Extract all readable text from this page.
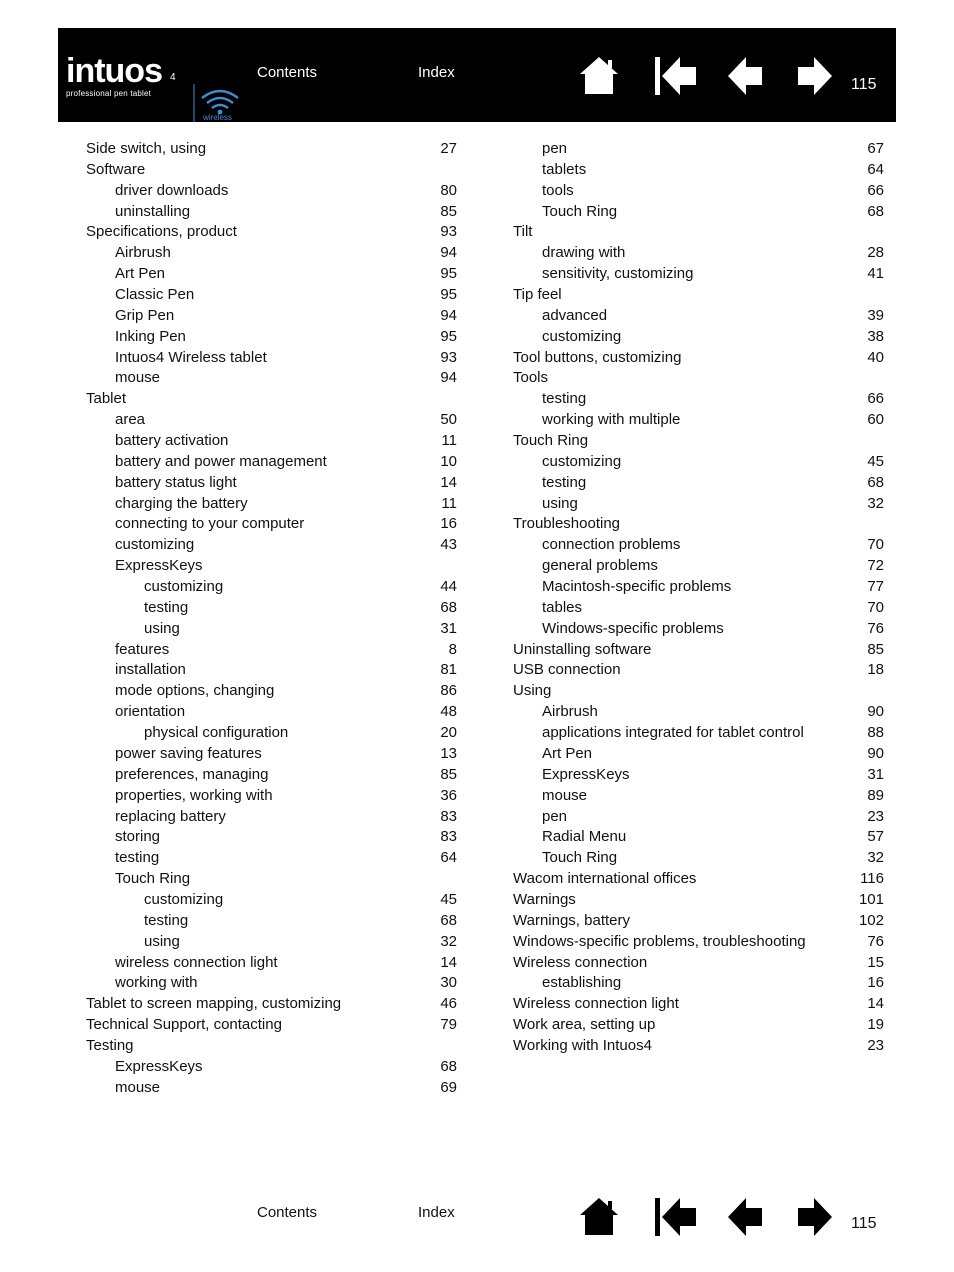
intuos 4
professional pen tablet
wireless
Contents	Index
115
Side switch, using	27
Software
driver downloads	80
uninstalling	85
Specifications, product	93
Airbrush	94
Art Pen	95
Classic Pen	95
Grip Pen	94
Inking Pen	95
Intuos4 Wireless tablet	93
mouse	94
Tablet
area	50
battery activation	11
battery and power management	10
battery status light	14
charging the battery	11
connecting to your computer	16
customizing	43
ExpressKeys
customizing	44
testing	68
using	31
features	8
installation	81
mode options, changing	86
orientation	48
physical configuration	20
power saving features	13
preferences, managing	85
properties, working with	36
replacing battery	83
storing	83
testing	64
Touch Ring
customizing	45
testing	68
using	32
wireless connection light	14
working with	30
Tablet to screen mapping, customizing	46
Technical Support, contacting	79
Testing
ExpressKeys	68
mouse	69
pen	67
tablets	64
tools	66
Touch Ring	68
Tilt
drawing with	28
sensitivity, customizing	41
Tip feel
advanced	39
customizing	38
Tool buttons, customizing	40
Tools
testing	66
working with multiple	60
Touch Ring
customizing	45
testing	68
using	32
Troubleshooting
connection problems	70
general problems	72
Macintosh-specific problems	77
tables	70
Windows-specific problems	76
Uninstalling software	85
USB connection	18
Using
Airbrush	90
applications integrated for tablet control	88
Art Pen	90
ExpressKeys	31
mouse	89
pen	23
Radial Menu	57
Touch Ring	32
Wacom international offices	116
Warnings	101
Warnings, battery	102
Windows-specific problems, troubleshooting	76
Wireless connection	15
establishing	16
Wireless connection light	14
Work area, setting up	19
Working with Intuos4	23
Contents	Index
115
